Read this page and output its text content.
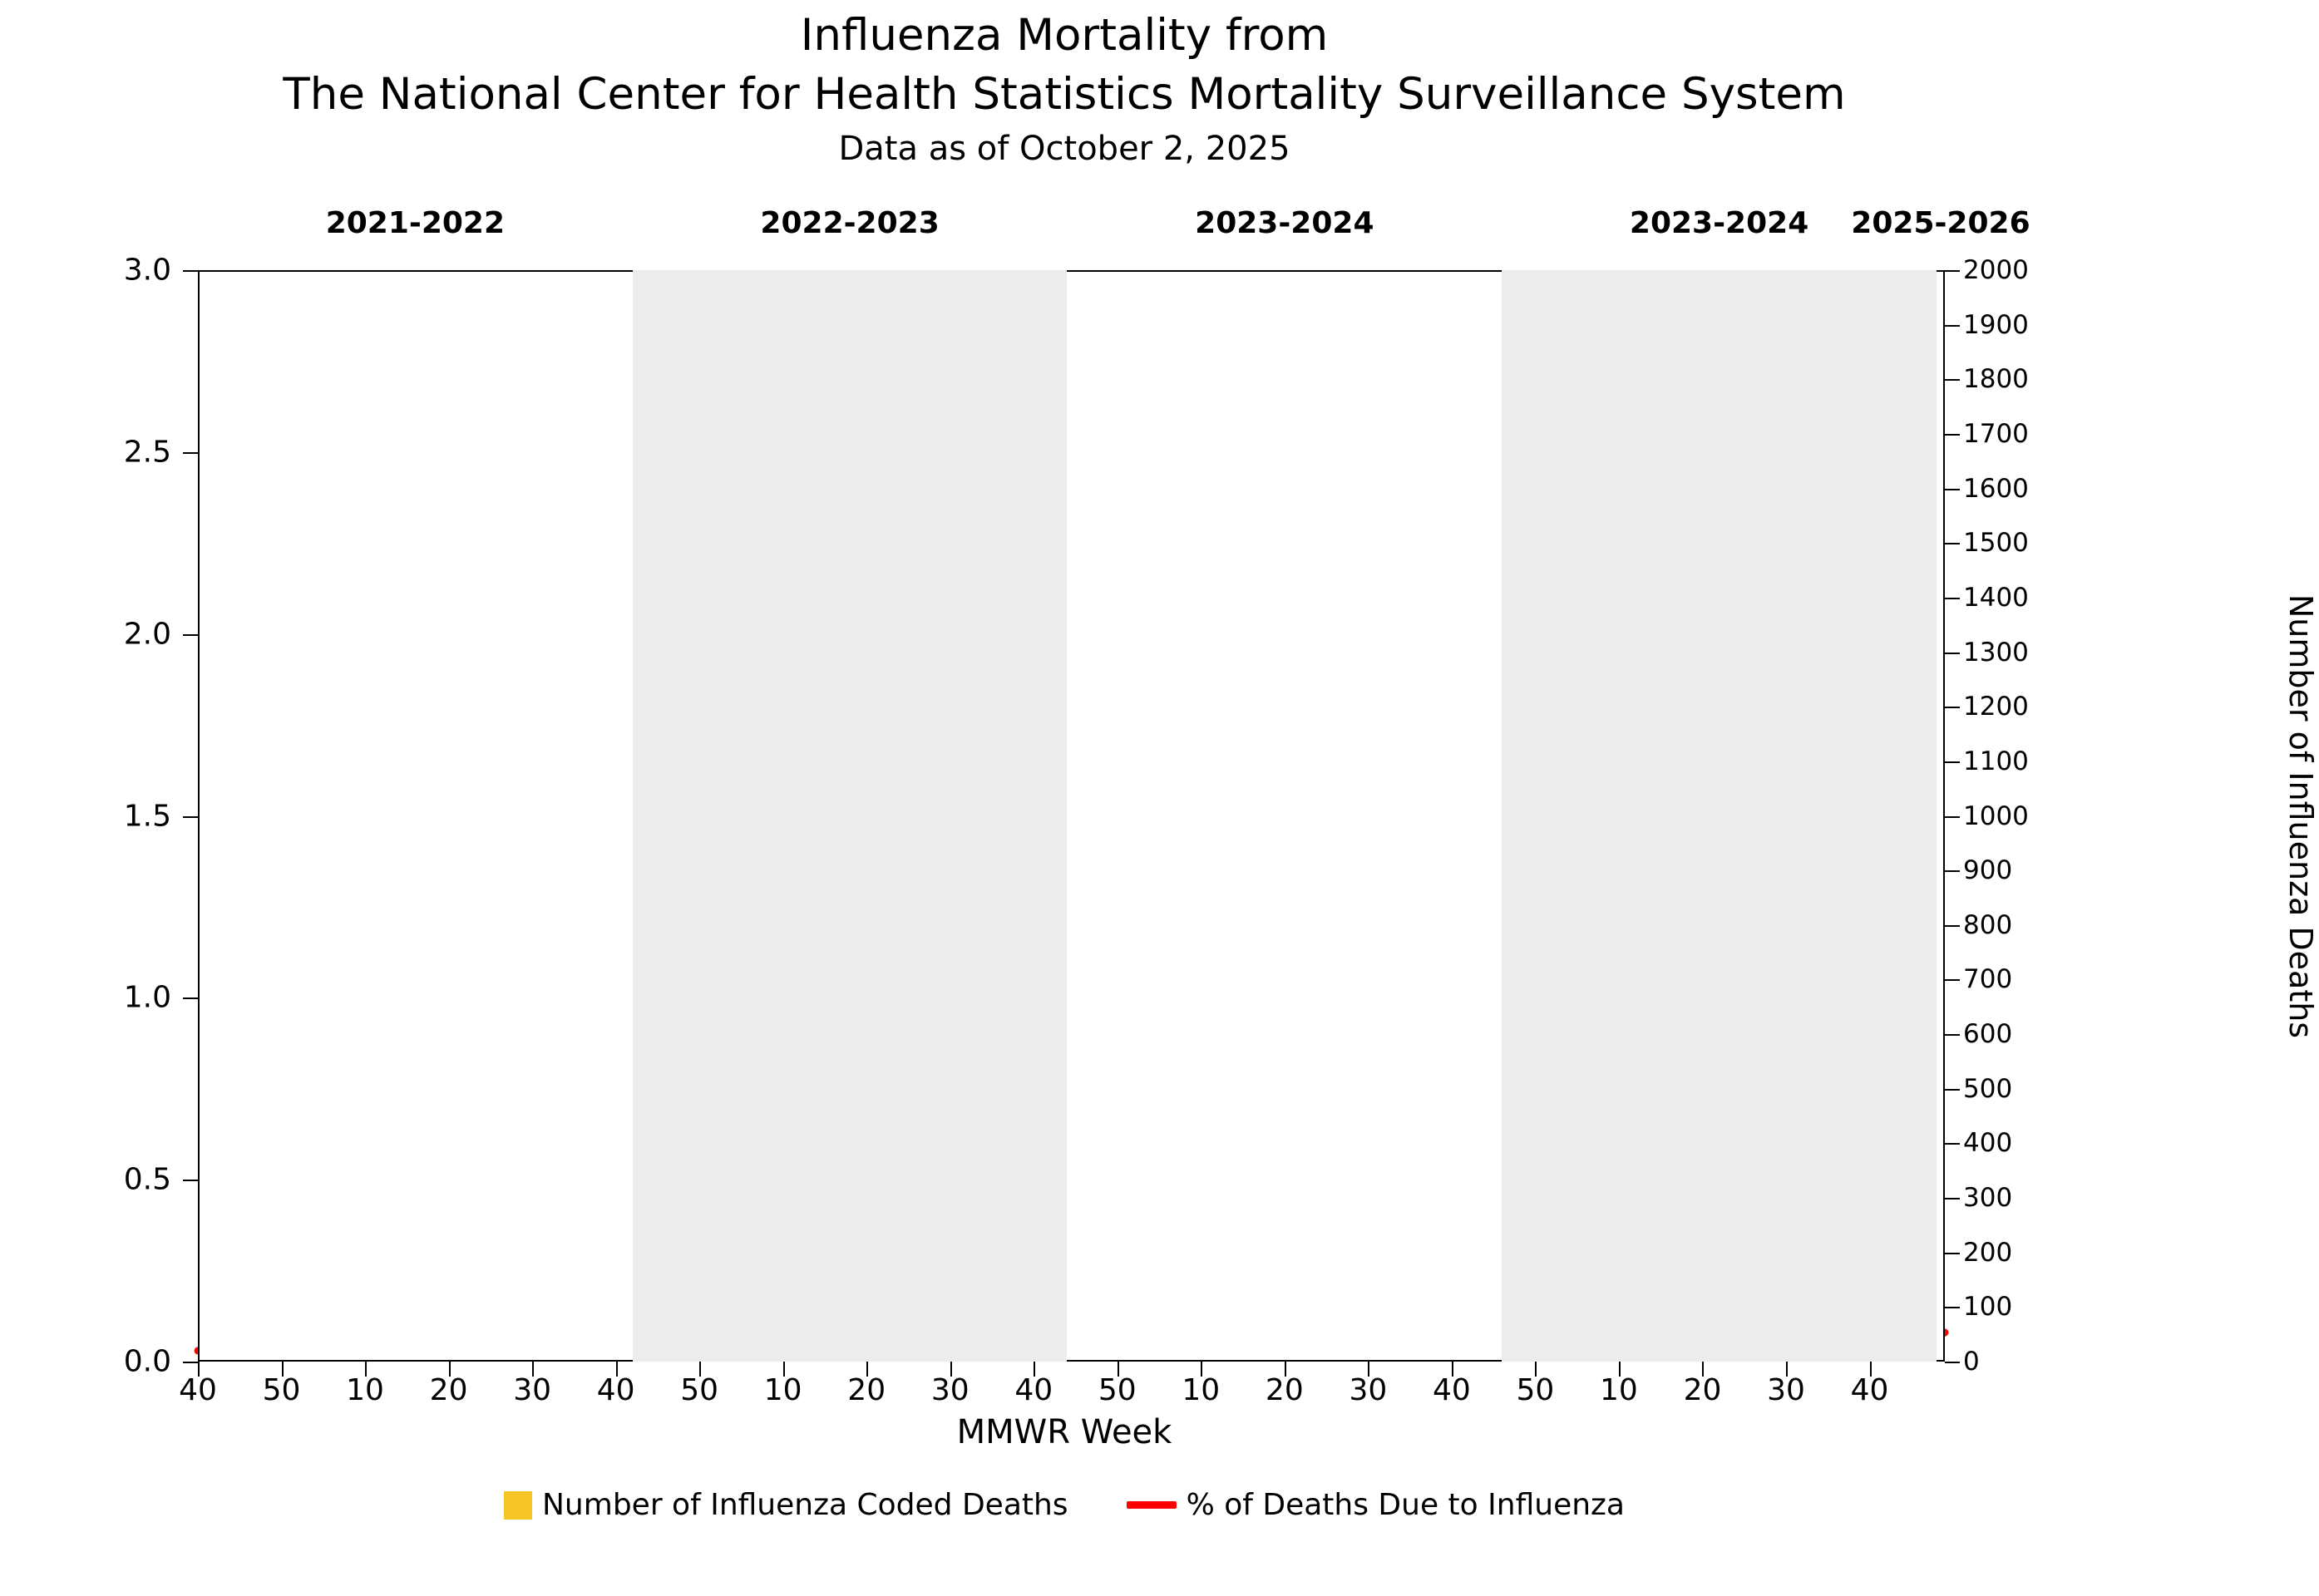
Influenza Mortality from
The National Center for Health Statistics Mortality Surveillance System
Data as of October 2, 2025
2021-2022	2022-2023	2023-2024	2023-2024 2025-2026
Number of Influenza Deaths
MMWR Week
Number of Influenza Coded Deaths	% of Deaths Due to Influenza
0.0
0.5
1.0
1.5
2.0
2.5
3.0
0
100
200
300
400
500
600
700
800
900
1000
1100
1200
1300
1400
1500
1600
1700
1800
1900
2000
40 50 10 20 30 40 50 10 20 30 40 50 10 20 30 40 50 10 20 30 40
